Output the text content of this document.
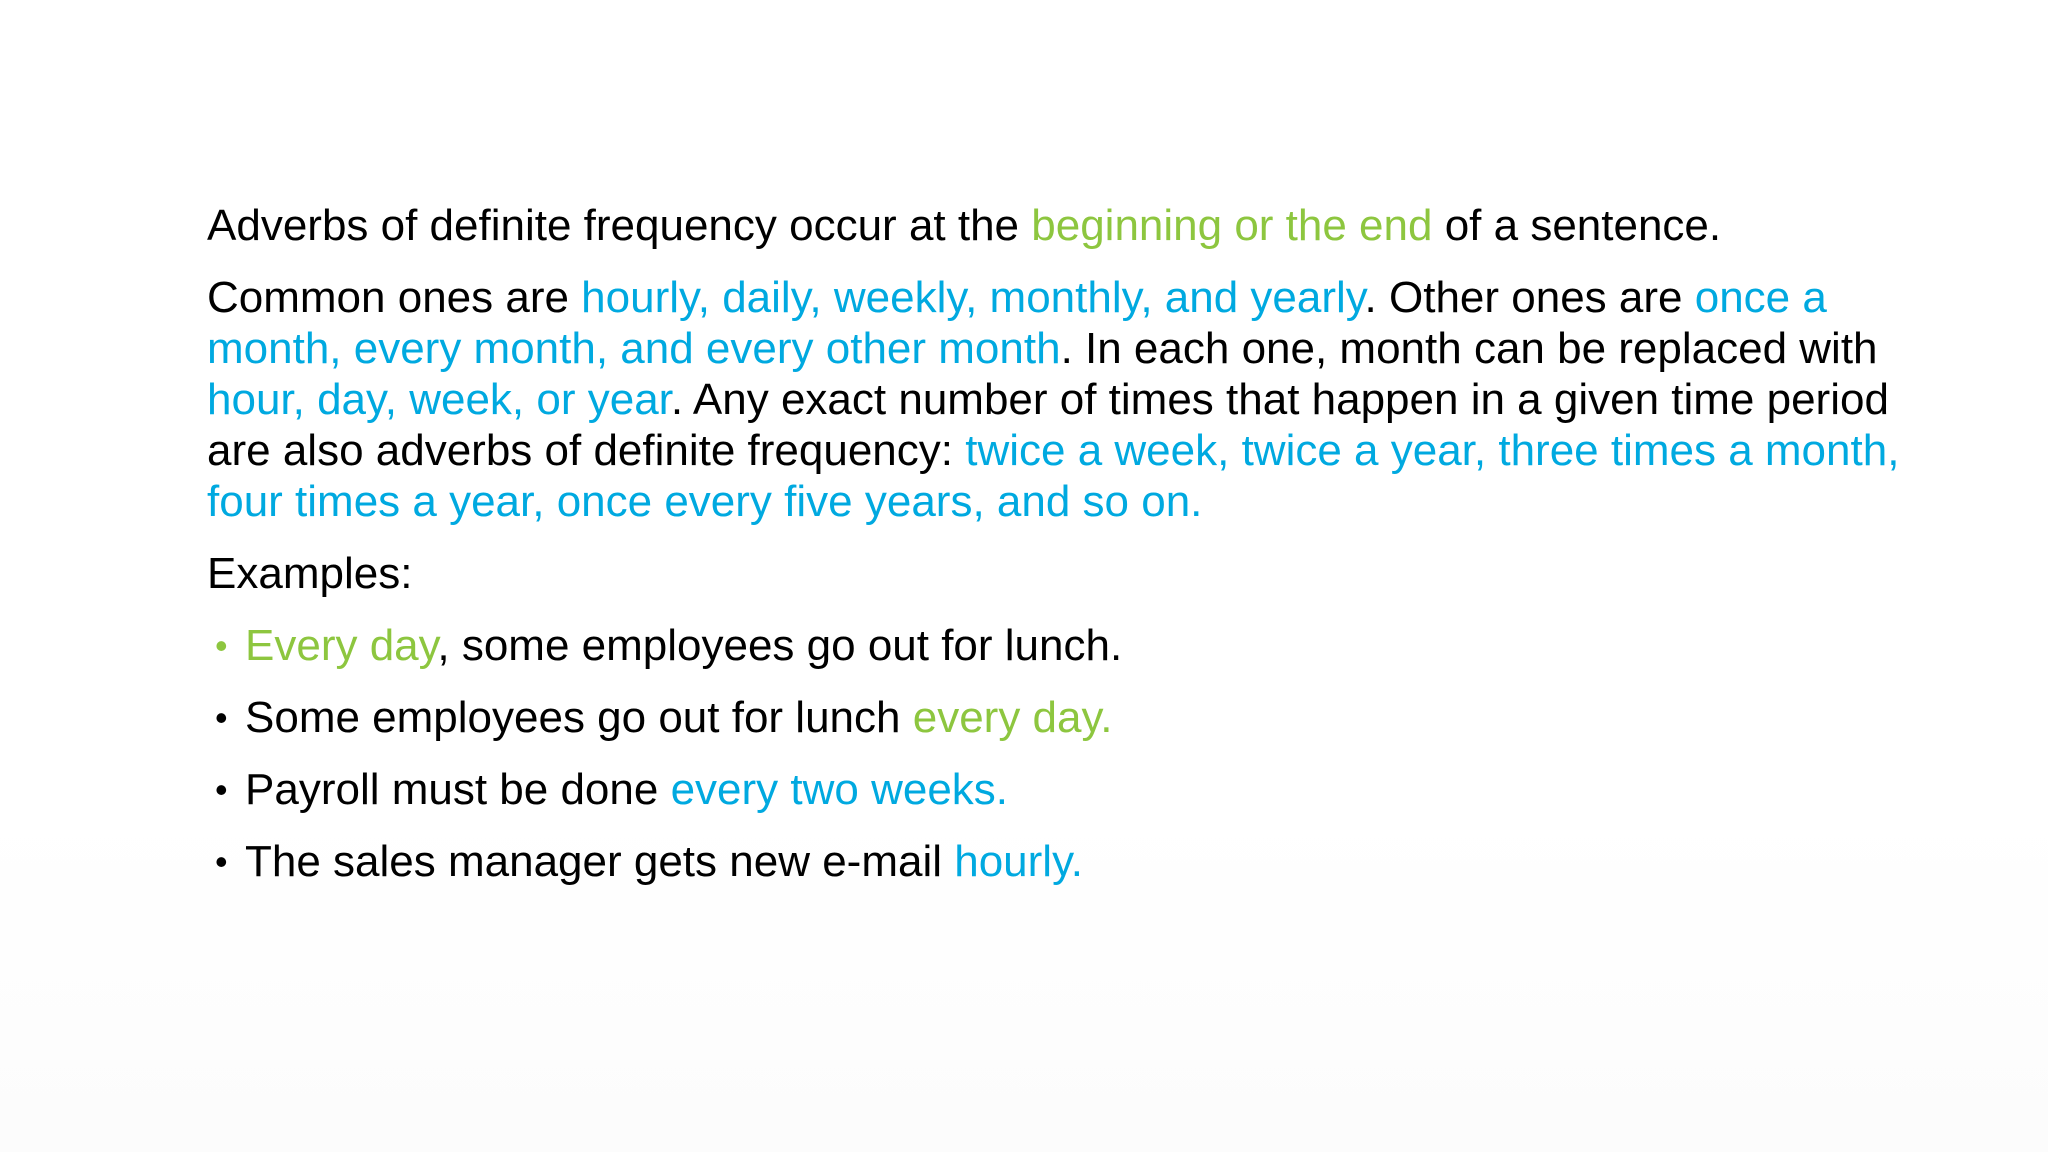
Adverbs of definite frequency occur at the beginning or the end of a sentence.

Common ones are hourly, daily, weekly, monthly, and yearly. Other ones are once a month, every month, and every other month. In each one, month can be replaced with hour, day, week, or year. Any exact number of times that happen in a given time period are also adverbs of definite frequency: twice a week, twice a year, three times a month, four times a year, once every five years, and so on.

Examples:

• Every day, some employees go out for lunch.
• Some employees go out for lunch every day.
• Payroll must be done every two weeks.
• The sales manager gets new e-mail hourly.
